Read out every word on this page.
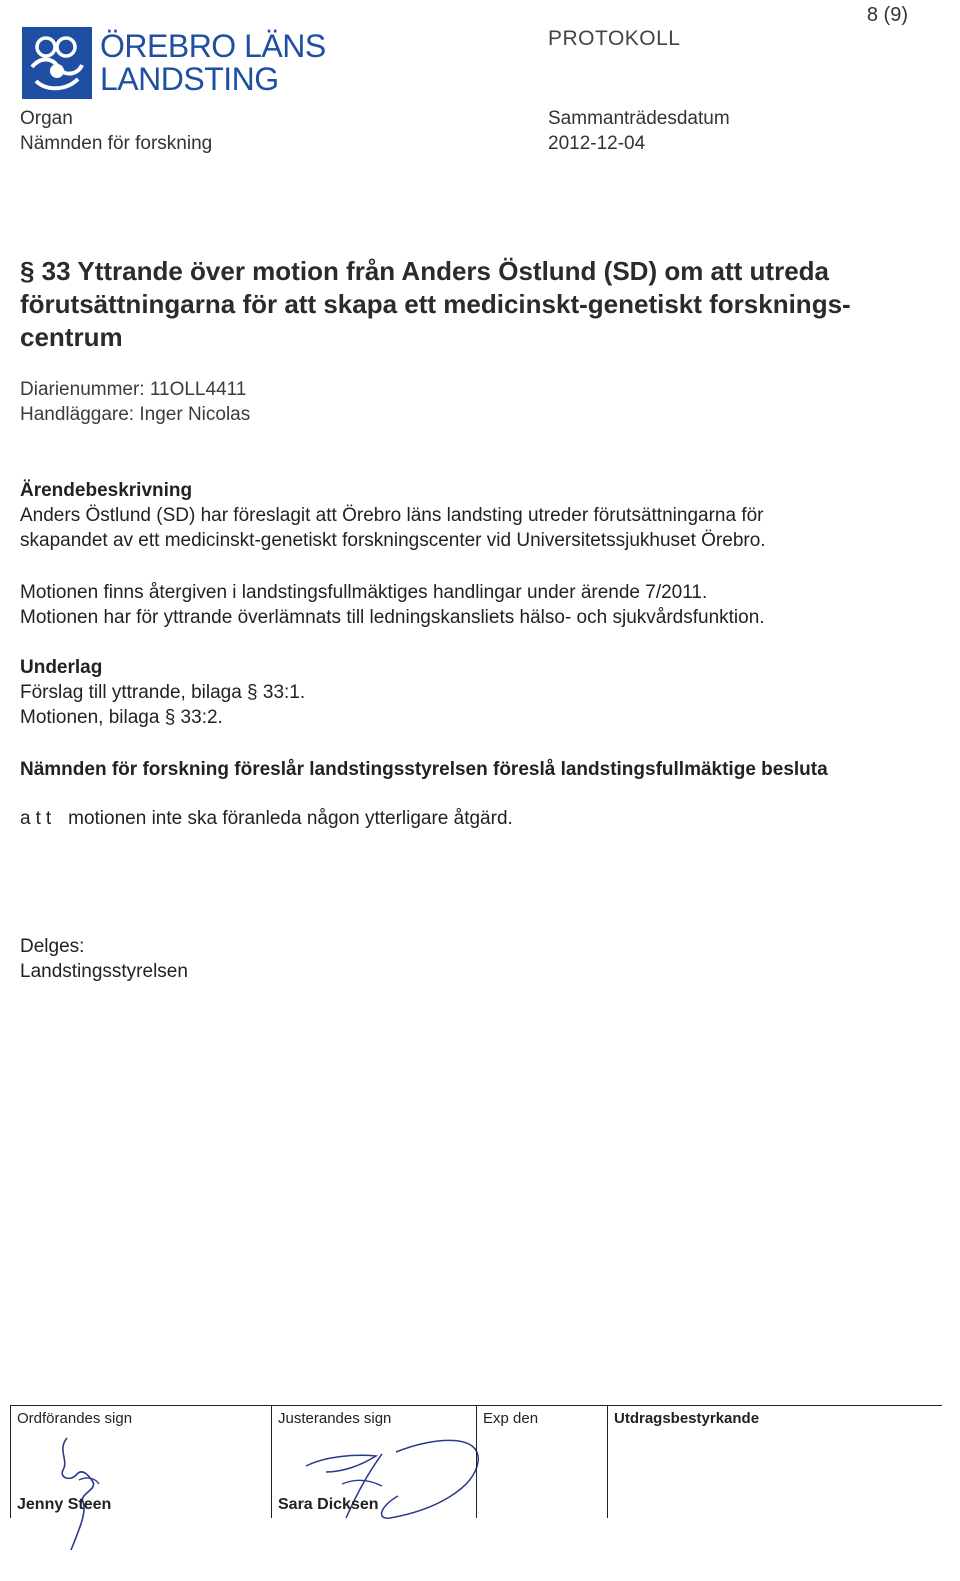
8 (9)
ÖREBRO LÄNS
LANDSTING
PROTOKOLL
Organ
Nämnden för forskning
Sammanträdesdatum
2012-12-04
§ 33 Yttrande över motion från Anders Östlund (SD) om att utreda förutsättningarna för att skapa ett medicinskt-genetiskt forsknings-centrum
Diarienummer: 11OLL4411
Handläggare: Inger Nicolas
Ärendebeskrivning
Anders Östlund (SD) har föreslagit att Örebro läns landsting utreder förutsättningarna för
skapandet av ett medicinskt-genetiskt forskningscenter vid Universitetssjukhuset Örebro.
Motionen finns återgiven i landstingsfullmäktiges handlingar under ärende 7/2011.
Motionen har för yttrande överlämnats till ledningskansliets hälso- och sjukvårdsfunktion.
Underlag
Förslag till yttrande, bilaga § 33:1.
Motionen, bilaga § 33:2.
Nämnden för forskning föreslår landstingsstyrelsen föreslå landstingsfullmäktige besluta
att motionen inte ska föranleda någon ytterligare åtgärd.
Delges:
Landstingsstyrelsen
Ordförandes sign
Jenny Steen
Justerandes sign
Sara Dicksen
Exp den	Utdragsbestyrkande
